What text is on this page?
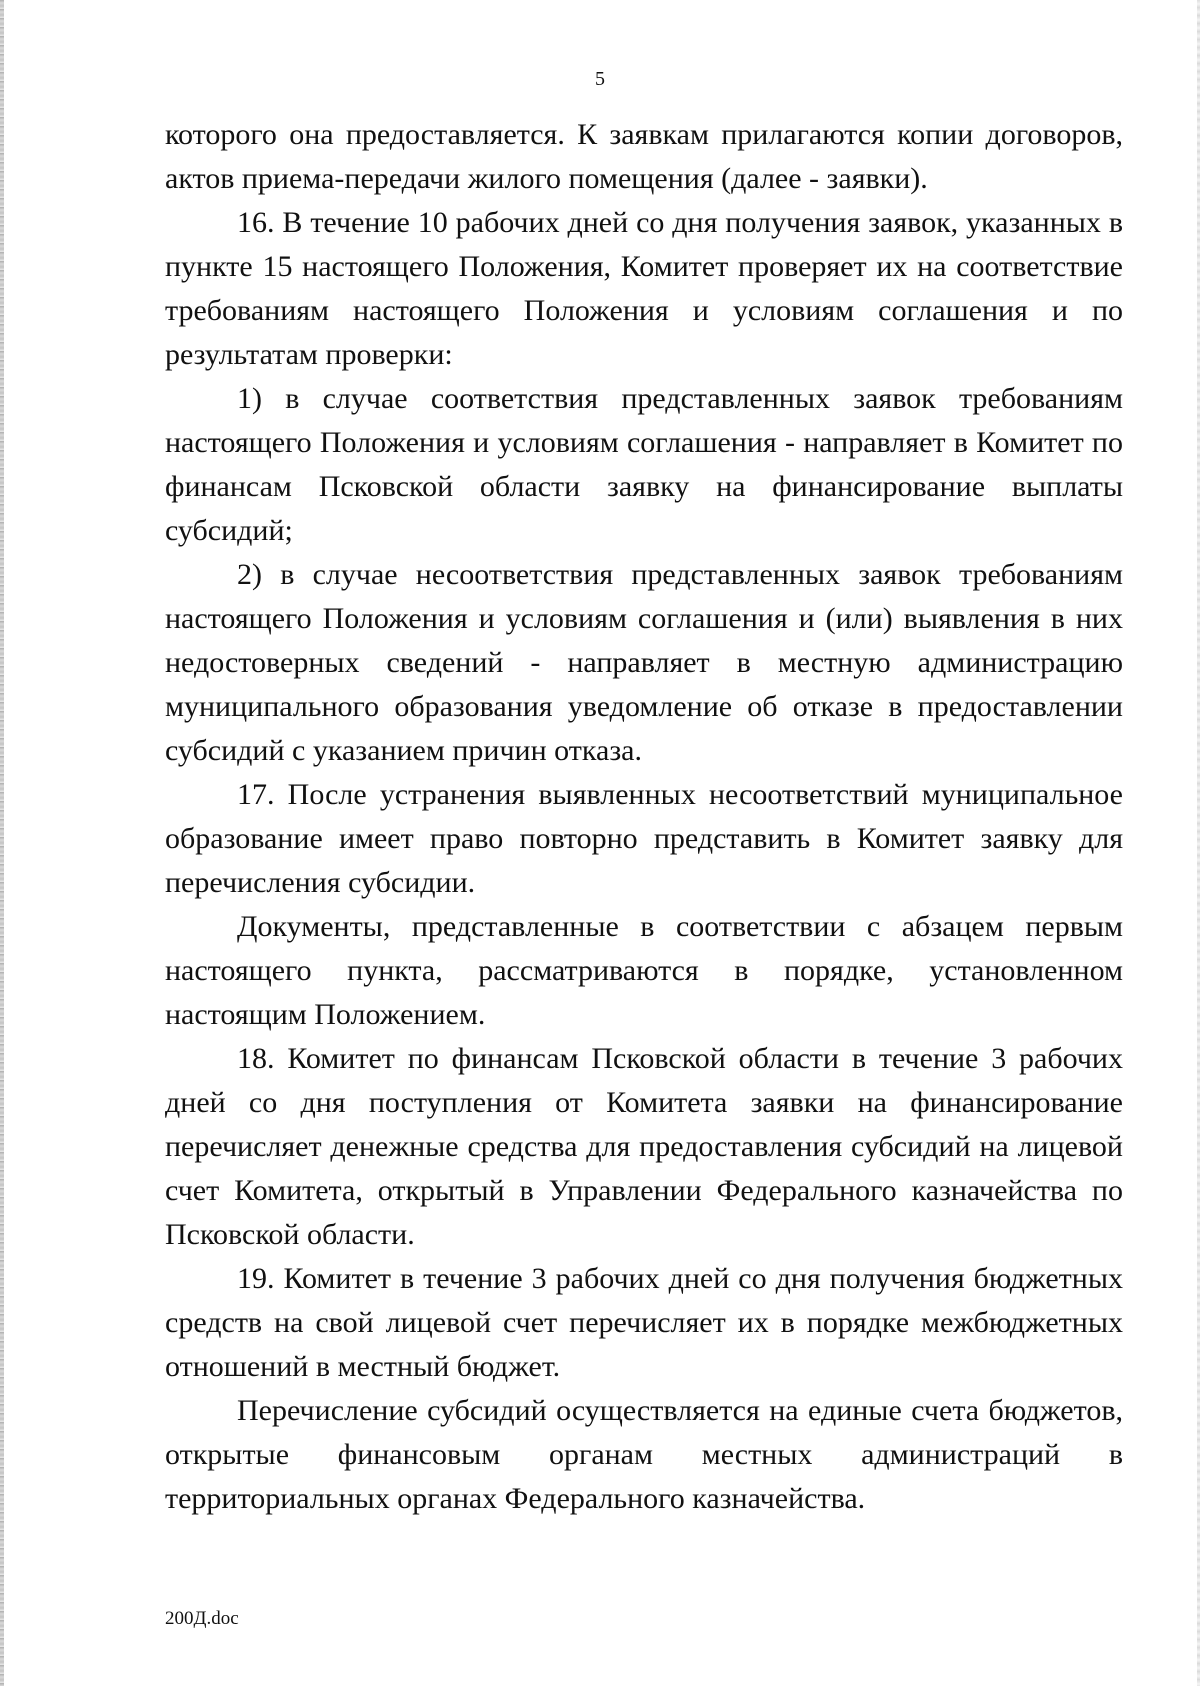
5

которого она предоставляется. К заявкам прилагаются копии договоров, актов приема-передачи жилого помещения (далее - заявки).

16. В течение 10 рабочих дней со дня получения заявок, указанных в пункте 15 настоящего Положения, Комитет проверяет их на соответствие требованиям настоящего Положения и условиям соглашения и по результатам проверки:

1) в случае соответствия представленных заявок требованиям настоящего Положения и условиям соглашения - направляет в Комитет по финансам Псковской области заявку на финансирование выплаты субсидий;

2) в случае несоответствия представленных заявок требованиям настоящего Положения и условиям соглашения и (или) выявления в них недостоверных сведений - направляет в местную администрацию муниципального образования уведомление об отказе в предоставлении субсидий с указанием причин отказа.

17. После устранения выявленных несоответствий муниципальное образование имеет право повторно представить в Комитет заявку для перечисления субсидии.

Документы, представленные в соответствии с абзацем первым настоящего пункта, рассматриваются в порядке, установленном настоящим Положением.

18. Комитет по финансам Псковской области в течение 3 рабочих дней со дня поступления от Комитета заявки на финансирование перечисляет денежные средства для предоставления субсидий на лицевой счет Комитета, открытый в Управлении Федерального казначейства по Псковской области.

19. Комитет в течение 3 рабочих дней со дня получения бюджетных средств на свой лицевой счет перечисляет их в порядке межбюджетных отношений в местный бюджет.

Перечисление субсидий осуществляется на единые счета бюджетов, открытые финансовым органам местных администраций в территориальных органах Федерального казначейства.

200Д.doc
